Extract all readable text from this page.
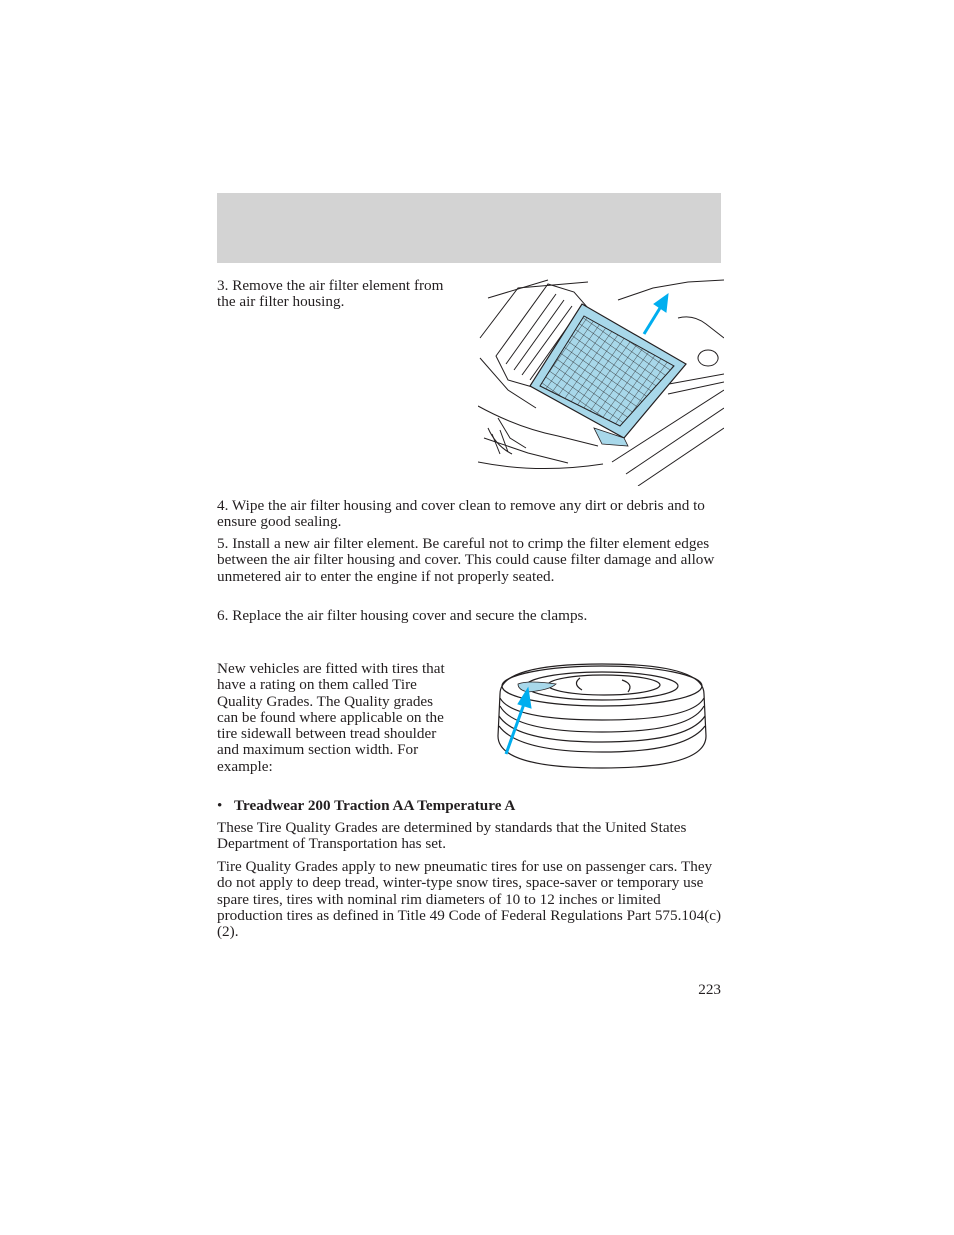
3. Remove the air filter element from the air filter housing.

4. Wipe the air filter housing and cover clean to remove any dirt or debris and to ensure good sealing.

5. Install a new air filter element. Be careful not to crimp the filter element edges between the air filter housing and cover. This could cause filter damage and allow unmetered air to enter the engine if not properly seated.

6. Replace the air filter housing cover and secure the clamps.

New vehicles are fitted with tires that have a rating on them called Tire Quality Grades. The Quality grades can be found where applicable on the tire sidewall between tread shoulder and maximum section width. For example:

• Treadwear 200 Traction AA Temperature A

These Tire Quality Grades are determined by standards that the United States Department of Transportation has set.

Tire Quality Grades apply to new pneumatic tires for use on passenger cars. They do not apply to deep tread, winter-type snow tires, space-saver or temporary use spare tires, tires with nominal rim diameters of 10 to 12 inches or limited production tires as defined in Title 49 Code of Federal Regulations Part 575.104(c)(2).

223
